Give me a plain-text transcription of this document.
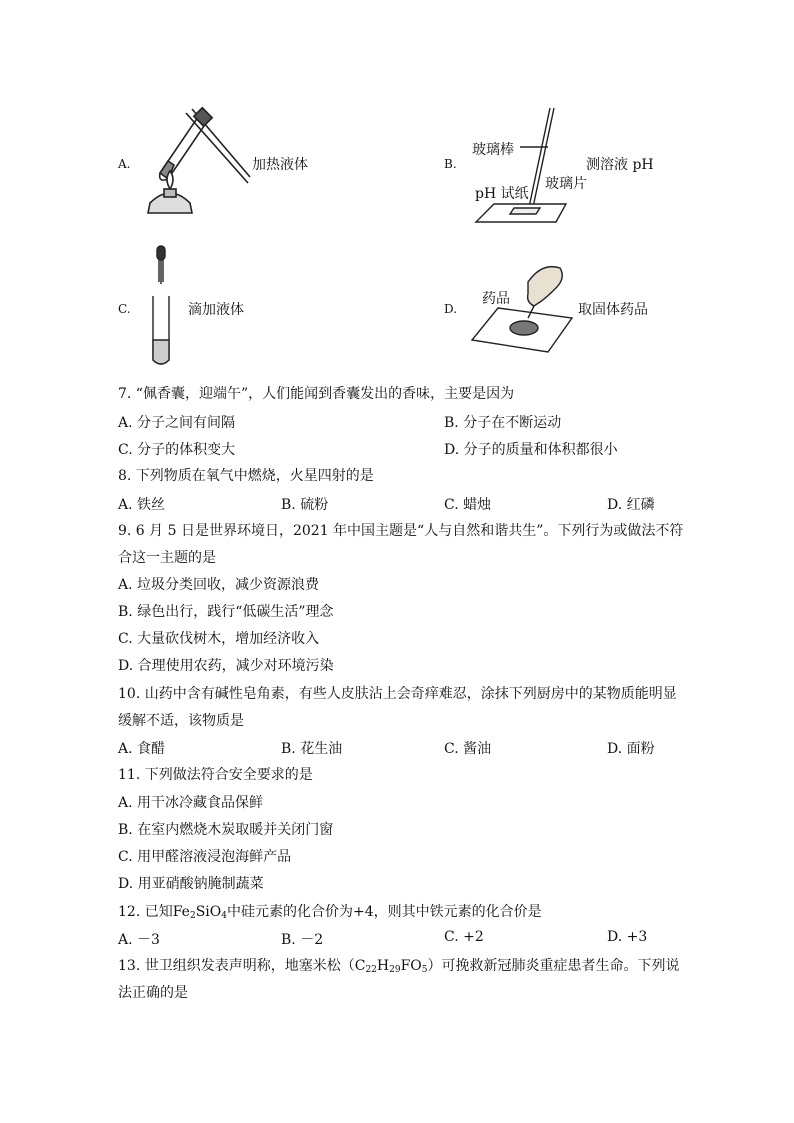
A.	加热液体	B.
玻璃棒
pH 试纸
玻璃片
测溶液 pH
C.	滴加液体	D.
药品
取固体药品
7. “佩香囊，迎端午”，人们能闻到香囊发出的香味，主要是因为
A. 分子之间有间隔	B. 分子在不断运动
C. 分子的体积变大	D. 分子的质量和体积都很小
8. 下列物质在氧气中燃烧，火星四射的是
A. 铁丝	B. 硫粉	C. 蜡烛	D. 红磷
9. 6 月 5 日是世界环境日，2021 年中国主题是“人与自然和谐共生”。下列行为或做法不符
合这一主题的是
A. 垃圾分类回收，减少资源浪费
B. 绿色出行，践行“低碳生活”理念
C. 大量砍伐树木，增加经济收入
D. 合理使用农药，减少对环境污染
10. 山药中含有碱性皂角素，有些人皮肤沾上会奇痒难忍，涂抹下列厨房中的某物质能明显
缓解不适，该物质是
A. 食醋	B. 花生油	C. 酱油	D. 面粉
11. 下列做法符合安全要求的是
A. 用干冰冷藏食品保鲜
B. 在室内燃烧木炭取暖并关闭门窗
C. 用甲醛溶液浸泡海鲜产品
D. 用亚硝酸钠腌制蔬菜
12. 已知$Fe_2SiO_4$中硅元素的化合价为+4，则其中铁元素的化合价是
A. －3	B. －2	C. +2	D. +3
13. 世卫组织发表声明称，地塞米松$(C_{22}H_{29}FO_5)$可挽救新冠肺炎重症患者生命。下列说
法正确的是
